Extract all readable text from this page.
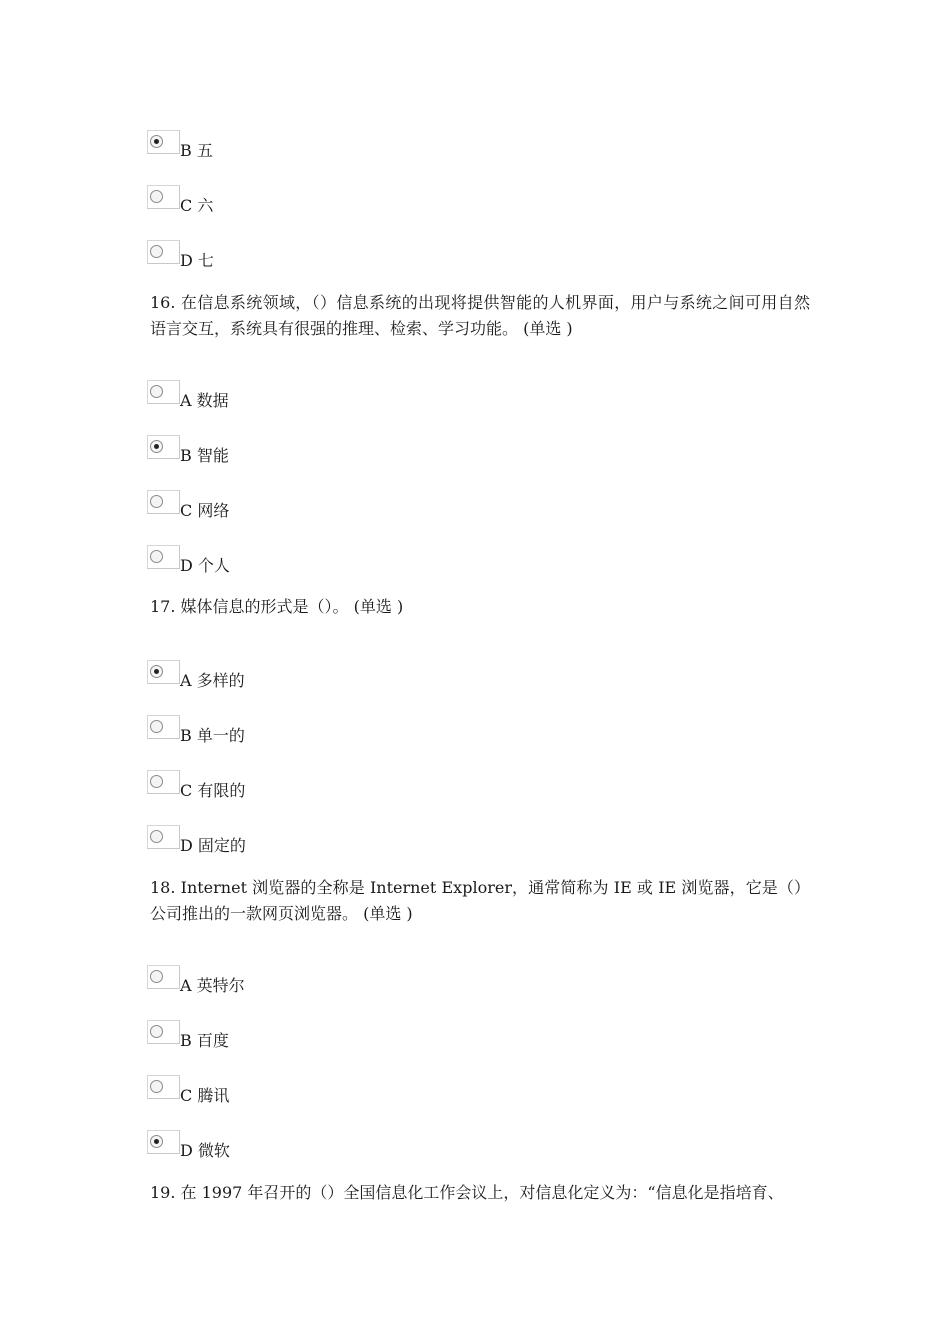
B 五
C 六
D 七
16. 在信息系统领域，（）信息系统的出现将提供智能的人机界面，用户与系统之间可用自然语言交互，系统具有很强的推理、检索、学习功能。 (单选 )
A 数据
B 智能
C 网络
D 个人
17. 媒体信息的形式是（）。 (单选 )
A 多样的
B 单一的
C 有限的
D 固定的
18. Internet 浏览器的全称是 Internet Explorer，通常简称为 IE 或 IE 浏览器，它是（）公司推出的一款网页浏览器。 (单选 )
A 英特尔
B 百度
C 腾讯
D 微软
19. 在 1997 年召开的（）全国信息化工作会议上，对信息化定义为：“信息化是指培育、
